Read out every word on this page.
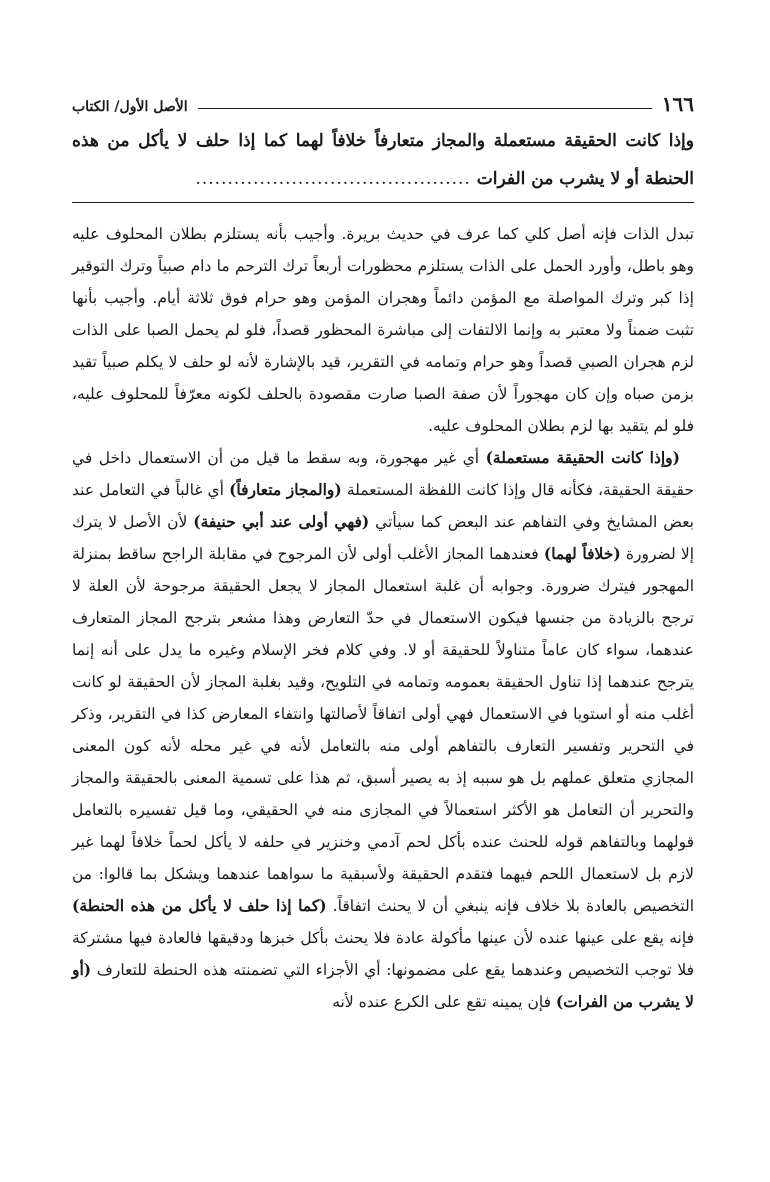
١٦٦
الأصل الأول/ الكتاب

وإذا كانت الحقيقة مستعملة والمجاز متعارفاً خلافاً لهما كما إذا حلف لا يأكل من هذه الحنطة أو لا يشرب من الفرات ...........................................

تبدل الذات فإنه أصل كلي كما عرف في حديث بريرة. وأجيب بأنه يستلزم بطلان المحلوف عليه وهو باطل، وأورد الحمل على الذات يستلزم محظورات أربعاً ترك الترحم ما دام صبياً وترك التوقير إذا كبر وترك المواصلة مع المؤمن دائماً وهجران المؤمن وهو حرام فوق ثلاثة أيام. وأجيب بأنها تثبت ضمناً ولا معتبر به وإنما الالتفات إلى مباشرة المحظور قصداً، فلو لم يحمل الصبا على الذات لزم هجران الصبي قصداً وهو حرام وتمامه في التقرير، قيد بالإشارة لأنه لو حلف لا يكلم صبياً تقيد بزمن صباه وإن كان مهجوراً لأن صفة الصبا صارت مقصودة بالحلف لكونه معرّفاً للمحلوف عليه، فلو لم يتقيد بها لزم بطلان المحلوف عليه.

(وإذا كانت الحقيقة مستعملة) أي غير مهجورة، وبه سقط ما قيل من أن الاستعمال داخل في حقيقة الحقيقة، فكأنه قال وإذا كانت اللفظة المستعملة (والمجاز متعارفاً) أي غالباً في التعامل عند بعض المشايخ وفي التفاهم عند البعض كما سيأتي (فهي أولى عند أبي حنيفة) لأن الأصل لا يترك إلا لضرورة (خلافاً لهما) فعندهما المجاز الأغلب أولى لأن المرجوح في مقابلة الراجح ساقط بمنزلة المهجور فيترك ضرورة. وجوابه أن غلبة استعمال المجاز لا يجعل الحقيقة مرجوحة لأن العلة لا ترجح بالزيادة من جنسها فيكون الاستعمال في حدّ التعارض وهذا مشعر بترجح المجاز المتعارف عندهما، سواء كان عاماً متناولاً للحقيقة أو لا. وفي كلام فخر الإسلام وغيره ما يدل على أنه إنما يترجح عندهما إذا تناول الحقيقة بعمومه وتمامه في التلويح، وقيد بغلبة المجاز لأن الحقيقة لو كانت أغلب منه أو استويا في الاستعمال فهي أولى اتفاقاً لأصالتها وانتفاء المعارض كذا في التقرير، وذكر في التحرير وتفسير التعارف بالتفاهم أولى منه بالتعامل لأنه في غير محله لأنه كون المعنى المجازي متعلق عملهم بل هو سببه إذ به يصير أسبق، ثم هذا على تسمية المعنى بالحقيقة والمجاز والتحرير أن التعامل هو الأكثر استعمالاً في المجازى منه في الحقيقي، وما قيل تفسيره بالتعامل قولهما وبالتفاهم قوله للحنث عنده بأكل لحم آدمي وخنزير في حلفه لا يأكل لحماً خلافاً لهما غير لازم بل لاستعمال اللحم فيهما فتقدم الحقيقة ولأسبقية ما سواهما عندهما ويشكل بما قالوا: من التخصيص بالعادة بلا خلاف فإنه ينبغي أن لا يحنث اتفاقاً. (كما إذا حلف لا يأكل من هذه الحنطة) فإنه يقع على عينها عنده لأن عينها مأكولة عادة فلا يحنث بأكل خبزها ودقيقها فالعادة فيها مشتركة فلا توجب التخصيص وعندهما يقع على مضمونها: أي الأجزاء التي تضمنته هذه الحنطة للتعارف (أو لا يشرب من الفرات) فإن يمينه تقع على الكرع عنده لأنه
